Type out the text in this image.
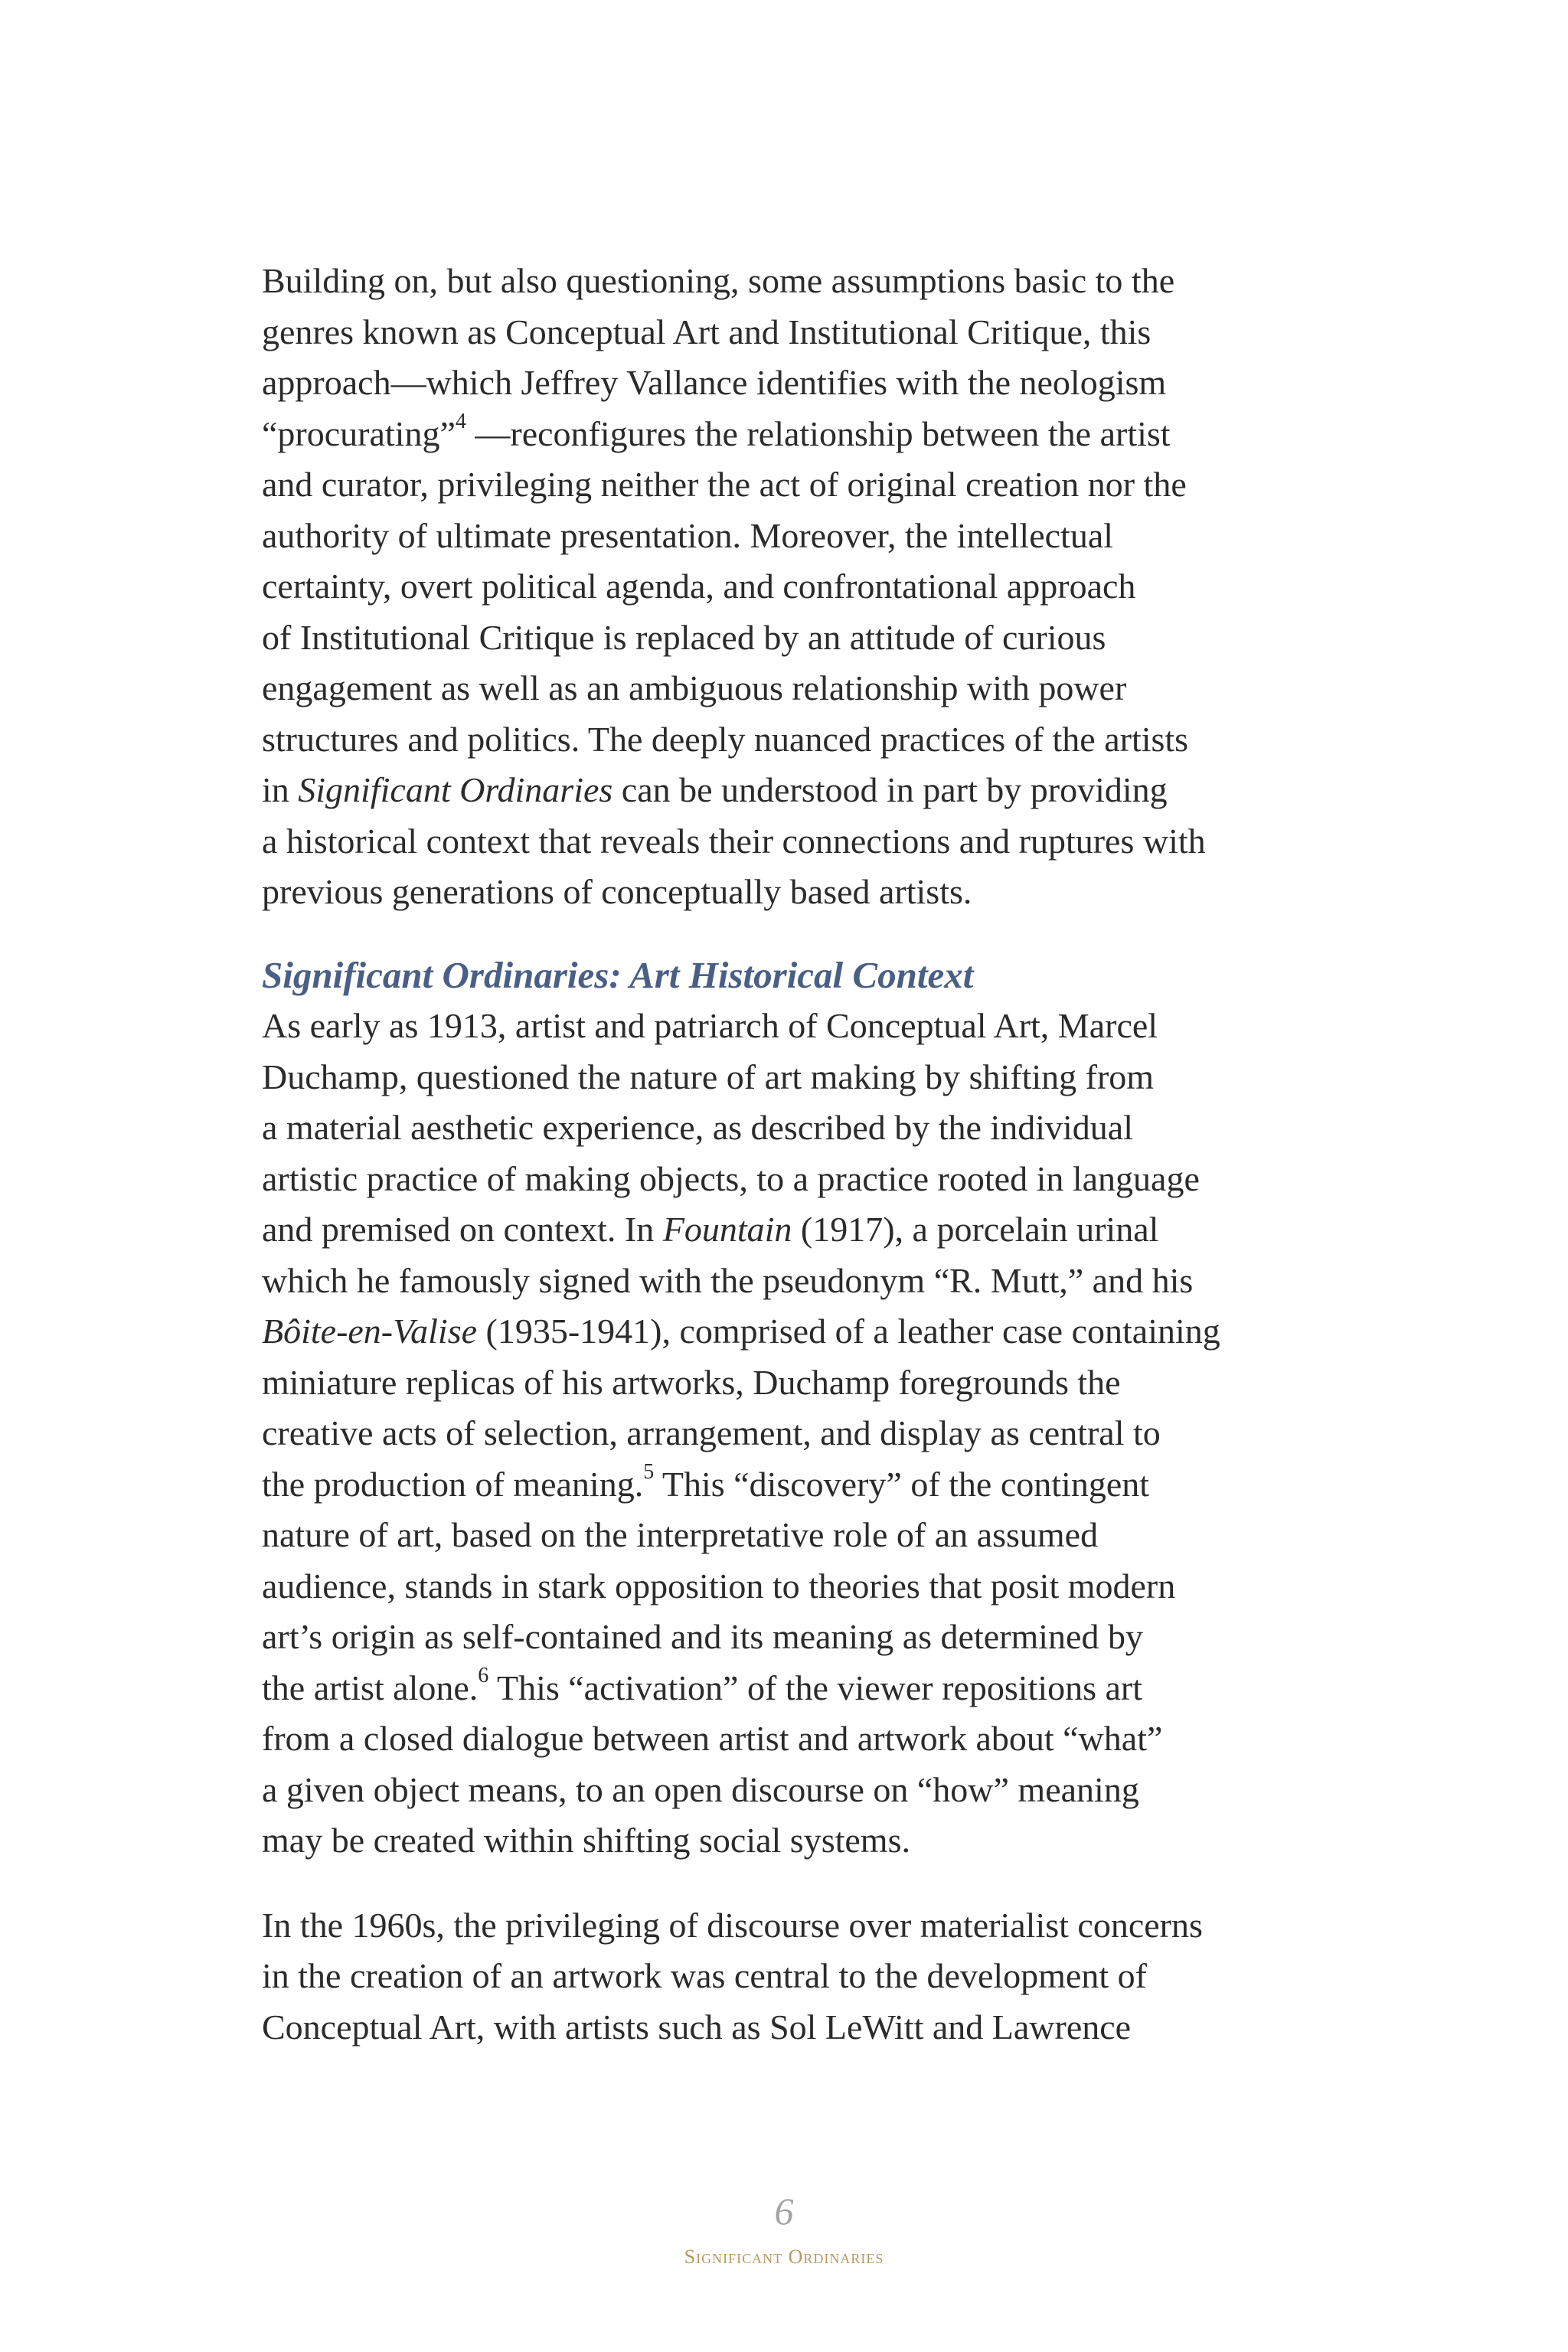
Building on, but also questioning, some assumptions basic to the
genres known as Conceptual Art and Institutional Critique, this
approach—which Jeffrey Vallance identifies with the neologism
“procurating”$^4$ —reconfigures the relationship between the artist
and curator, privileging neither the act of original creation nor the
authority of ultimate presentation. Moreover, the intellectual
certainty, overt political agenda, and confrontational approach
of Institutional Critique is replaced by an attitude of curious
engagement as well as an ambiguous relationship with power
structures and politics. The deeply nuanced practices of the artists
in Significant Ordinaries can be understood in part by providing
a historical context that reveals their connections and ruptures with
previous generations of conceptually based artists.

Significant Ordinaries: Art Historical Context

As early as 1913, artist and patriarch of Conceptual Art, Marcel
Duchamp, questioned the nature of art making by shifting from
a material aesthetic experience, as described by the individual
artistic practice of making objects, to a practice rooted in language
and premised on context. In Fountain (1917), a porcelain urinal
which he famously signed with the pseudonym “R. Mutt,” and his
Bôite-en-Valise (1935-1941), comprised of a leather case containing
miniature replicas of his artworks, Duchamp foregrounds the
creative acts of selection, arrangement, and display as central to
the production of meaning.$^5$ This “discovery” of the contingent
nature of art, based on the interpretative role of an assumed
audience, stands in stark opposition to theories that posit modern
art’s origin as self-contained and its meaning as determined by
the artist alone.$^6$ This “activation” of the viewer repositions art
from a closed dialogue between artist and artwork about “what”
a given object means, to an open discourse on “how” meaning
may be created within shifting social systems.

In the 1960s, the privileging of discourse over materialist concerns
in the creation of an artwork was central to the development of
Conceptual Art, with artists such as Sol LeWitt and Lawrence

6
Significant Ordinaries
